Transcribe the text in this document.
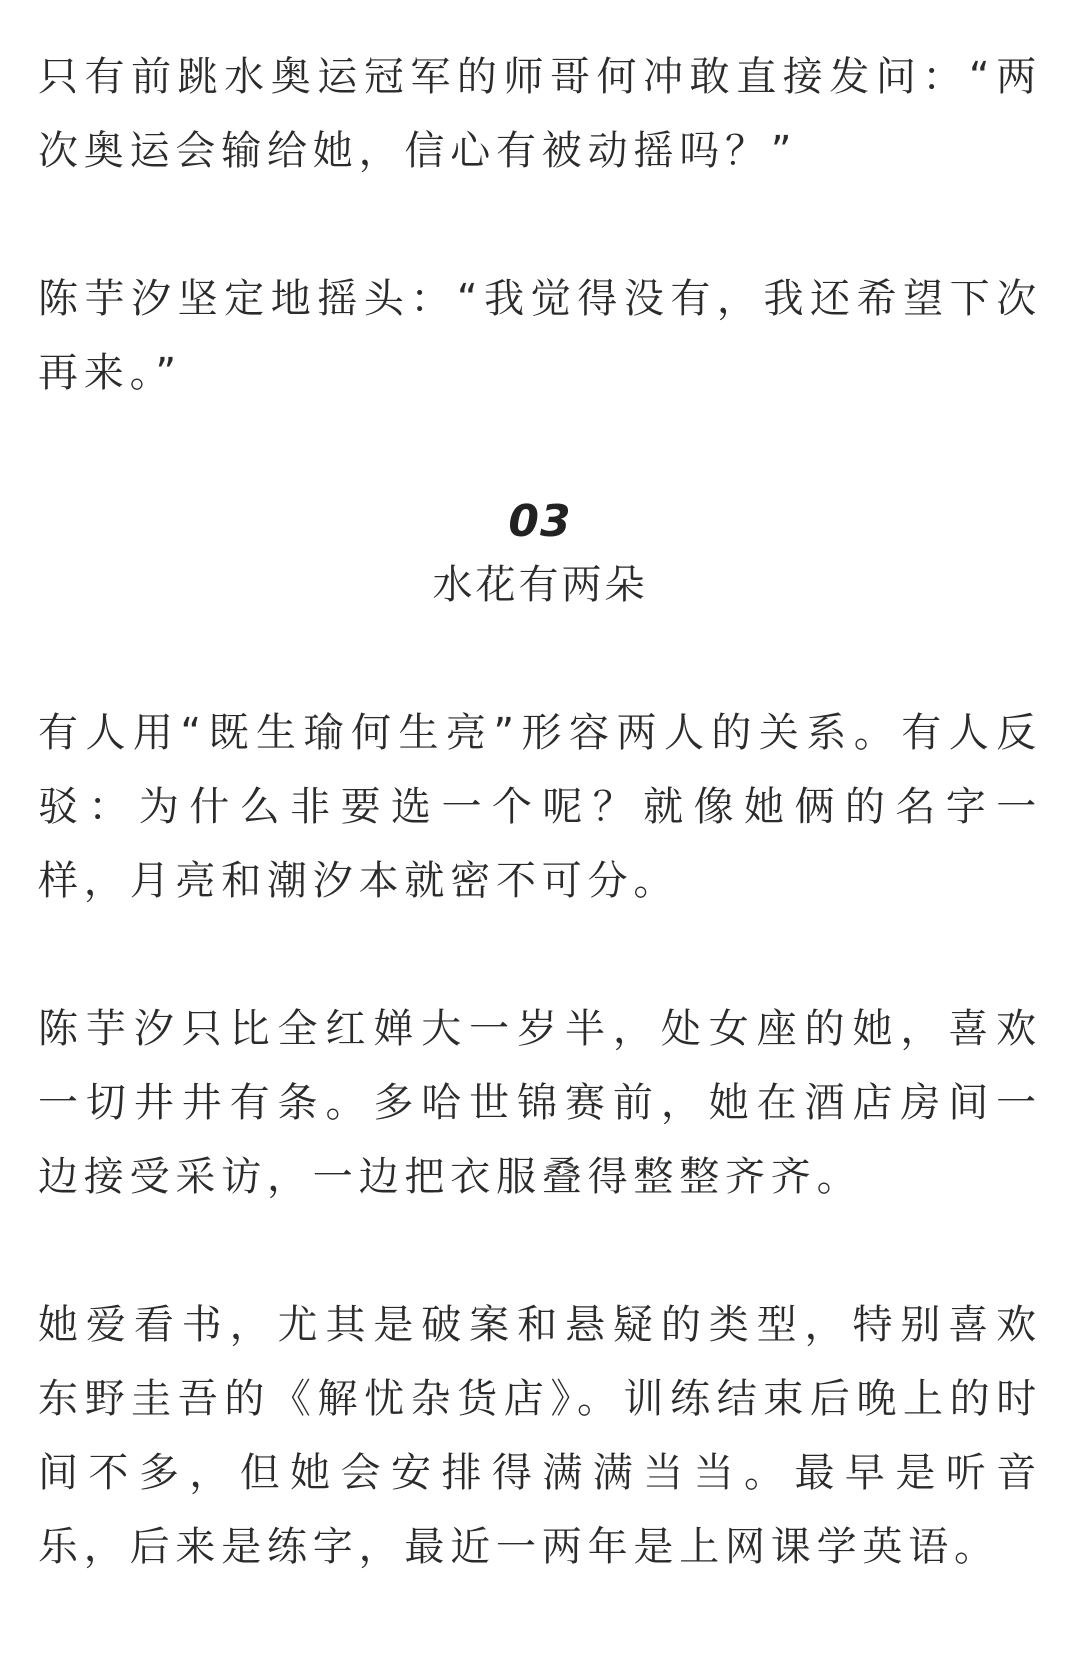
只有前跳水奥运冠军的师哥何冲敢直接发问：“两次奥运会输给她，信心有被动摇吗？”

陈芋汐坚定地摇头：“我觉得没有，我还希望下次再来。”

03
水花有两朵

有人用“既生瑜何生亮”形容两人的关系。有人反驳：为什么非要选一个呢？就像她俩的名字一样，月亮和潮汐本就密不可分。

陈芋汐只比全红婵大一岁半，处女座的她，喜欢一切井井有条。多哈世锦赛前，她在酒店房间一边接受采访，一边把衣服叠得整整齐齐。

她爱看书，尤其是破案和悬疑的类型，特别喜欢东野圭吾的《解忧杂货店》。训练结束后晚上的时间不多，但她会安排得满满当当。最早是听音乐，后来是练字，最近一两年是上网课学英语。
